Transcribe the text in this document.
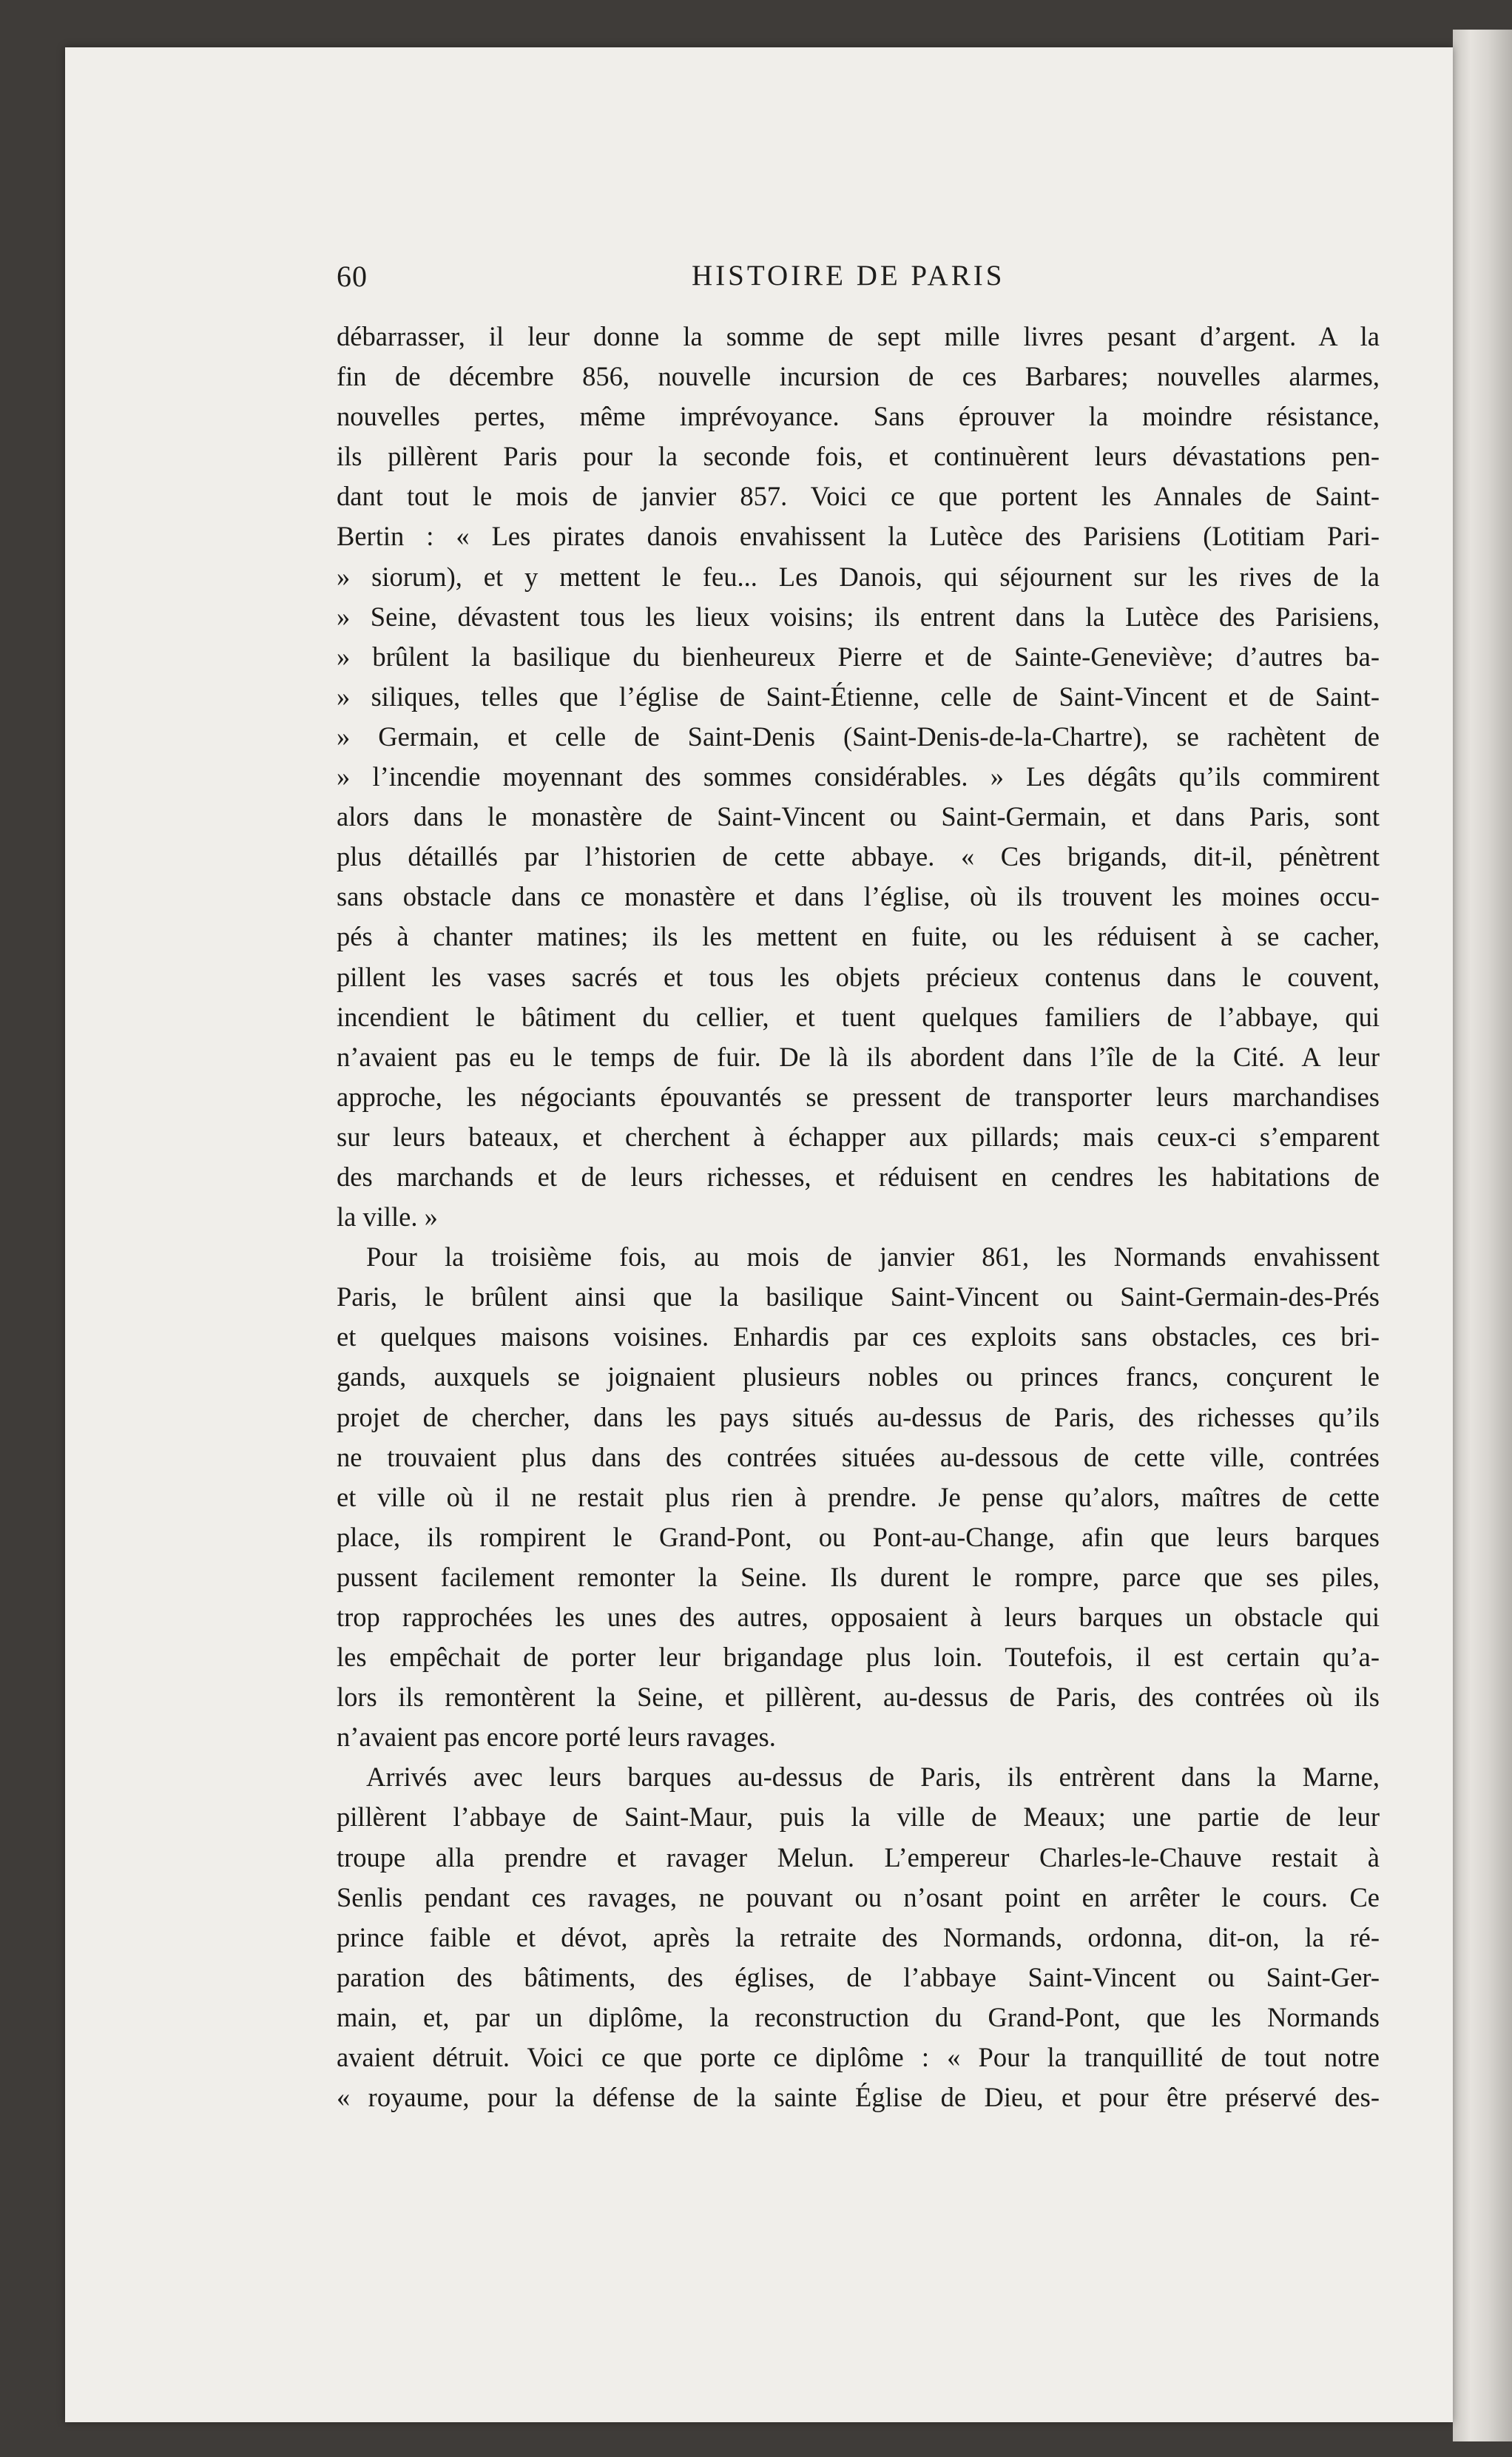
60	HISTOIRE DE PARIS
débarrasser, il leur donne la somme de sept mille livres pesant d’argent. A la
fin de décembre 856, nouvelle incursion de ces Barbares; nouvelles alarmes,
nouvelles pertes, même imprévoyance. Sans éprouver la moindre résistance,
ils pillèrent Paris pour la seconde fois, et continuèrent leurs dévastations pen-
dant tout le mois de janvier 857. Voici ce que portent les Annales de Saint-
Bertin : « Les pirates danois envahissent la Lutèce des Parisiens (Lotitiam Pari-
» siorum), et y mettent le feu... Les Danois, qui séjournent sur les rives de la
» Seine, dévastent tous les lieux voisins; ils entrent dans la Lutèce des Parisiens,
» brûlent la basilique du bienheureux Pierre et de Sainte-Geneviève; d’autres ba-
» siliques, telles que l’église de Saint-Étienne, celle de Saint-Vincent et de Saint-
» Germain, et celle de Saint-Denis (Saint-Denis-de-la-Chartre), se rachètent de
» l’incendie moyennant des sommes considérables. » Les dégâts qu’ils commirent
alors dans le monastère de Saint-Vincent ou Saint-Germain, et dans Paris, sont
plus détaillés par l’historien de cette abbaye. « Ces brigands, dit-il, pénètrent
sans obstacle dans ce monastère et dans l’église, où ils trouvent les moines occu-
pés à chanter matines; ils les mettent en fuite, ou les réduisent à se cacher,
pillent les vases sacrés et tous les objets précieux contenus dans le couvent,
incendient le bâtiment du cellier, et tuent quelques familiers de l’abbaye, qui
n’avaient pas eu le temps de fuir. De là ils abordent dans l’île de la Cité. A leur
approche, les négociants épouvantés se pressent de transporter leurs marchandises
sur leurs bateaux, et cherchent à échapper aux pillards; mais ceux-ci s’emparent
des marchands et de leurs richesses, et réduisent en cendres les habitations de
la ville. »
Pour la troisième fois, au mois de janvier 861, les Normands envahissent
Paris, le brûlent ainsi que la basilique Saint-Vincent ou Saint-Germain-des-Prés
et quelques maisons voisines. Enhardis par ces exploits sans obstacles, ces bri-
gands, auxquels se joignaient plusieurs nobles ou princes francs, conçurent le
projet de chercher, dans les pays situés au-dessus de Paris, des richesses qu’ils
ne trouvaient plus dans des contrées situées au-dessous de cette ville, contrées
et ville où il ne restait plus rien à prendre. Je pense qu’alors, maîtres de cette
place, ils rompirent le Grand-Pont, ou Pont-au-Change, afin que leurs barques
pussent facilement remonter la Seine. Ils durent le rompre, parce que ses piles,
trop rapprochées les unes des autres, opposaient à leurs barques un obstacle qui
les empêchait de porter leur brigandage plus loin. Toutefois, il est certain qu’a-
lors ils remontèrent la Seine, et pillèrent, au-dessus de Paris, des contrées où ils
n’avaient pas encore porté leurs ravages.
Arrivés avec leurs barques au-dessus de Paris, ils entrèrent dans la Marne,
pillèrent l’abbaye de Saint-Maur, puis la ville de Meaux; une partie de leur
troupe alla prendre et ravager Melun. L’empereur Charles-le-Chauve restait à
Senlis pendant ces ravages, ne pouvant ou n’osant point en arrêter le cours. Ce
prince faible et dévot, après la retraite des Normands, ordonna, dit-on, la ré-
paration des bâtiments, des églises, de l’abbaye Saint-Vincent ou Saint-Ger-
main, et, par un diplôme, la reconstruction du Grand-Pont, que les Normands
avaient détruit. Voici ce que porte ce diplôme : « Pour la tranquillité de tout notre
« royaume, pour la défense de la sainte Église de Dieu, et pour être préservé des-
